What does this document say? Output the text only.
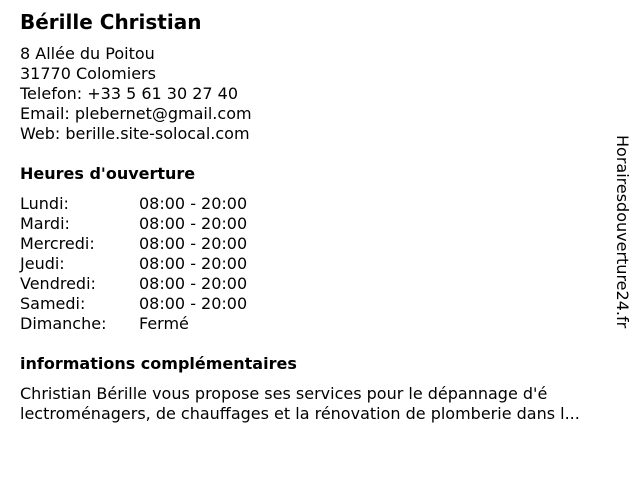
Bérille Christian
8 Allée du Poitou
31770 Colomiers
Telefon: +33 5 61 30 27 40
Email: plebernet@gmail.com
Web: berille.site-solocal.com
Heures d'ouverture
Lundi:	08:00 - 20:00
Mardi:	08:00 - 20:00
Mercredi:	08:00 - 20:00
Jeudi:	08:00 - 20:00
Vendredi:	08:00 - 20:00
Samedi:	08:00 - 20:00
Dimanche: Fermé
informations complémentaires
Christian Bérille vous propose ses services pour le dépannage d'é
lectroménagers, de chauffages et la rénovation de plomberie dans l...
Horairesdouverture24.fr
